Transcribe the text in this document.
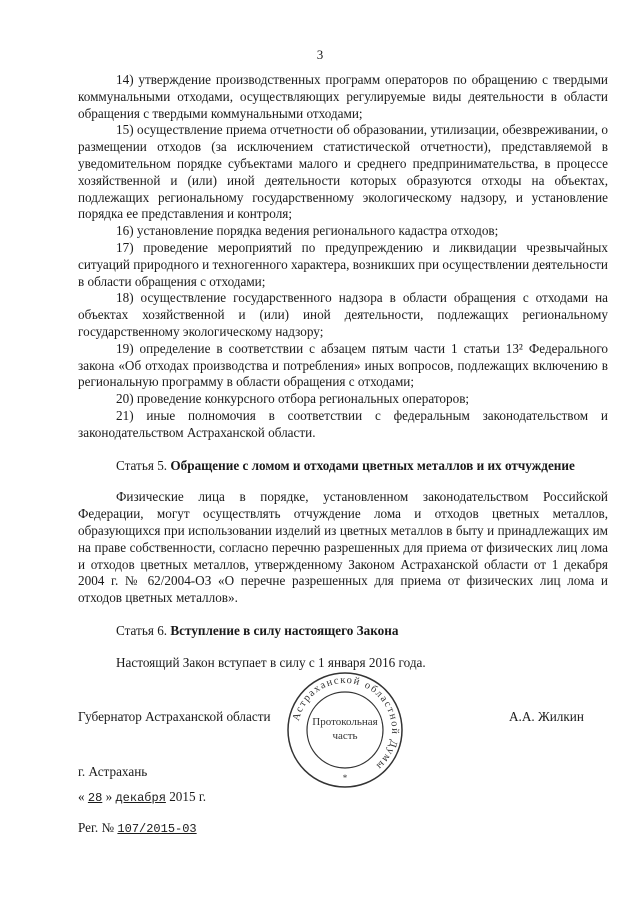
3

14) утверждение производственных программ операторов по обращению с твердыми коммунальными отходами, осуществляющих регулируемые виды деятельности в области обращения с твердыми коммунальными отходами;

15) осуществление приема отчетности об образовании, утилизации, обезвреживании, о размещении отходов (за исключением статистической отчетности), представляемой в уведомительном порядке субъектами малого и среднего предпринимательства, в процессе хозяйственной и (или) иной деятельности которых образуются отходы на объектах, подлежащих региональному государственному экологическому надзору, и установление порядка ее представления и контроля;

16) установление порядка ведения регионального кадастра отходов;

17) проведение мероприятий по предупреждению и ликвидации чрезвычайных ситуаций природного и техногенного характера, возникших при осуществлении деятельности в области обращения с отходами;

18) осуществление государственного надзора в области обращения с отходами на объектах хозяйственной и (или) иной деятельности, подлежащих региональному государственному экологическому надзору;

19) определение в соответствии с абзацем пятым части 1 статьи 13² Федерального закона «Об отходах производства и потребления» иных вопросов, подлежащих включению в региональную программу в области обращения с отходами;

20) проведение конкурсного отбора региональных операторов;

21) иные полномочия в соответствии с федеральным законодательством и законодательством Астраханской области.

Статья 5. Обращение с ломом и отходами цветных металлов и их отчуждение

Физические лица в порядке, установленном законодательством Российской Федерации, могут осуществлять отчуждение лома и отходов цветных металлов, образующихся при использовании изделий из цветных металлов в быту и принадлежащих им на праве собственности, согласно перечню разрешенных для приема от физических лиц лома и отходов цветных металлов, утвержденному Законом Астраханской области от 1 декабря 2004 г. № 62/2004-ОЗ «О перечне разрешенных для приема от физических лиц лома и отходов цветных металлов».

Статья 6. Вступление в силу настоящего Закона

Настоящий Закон вступает в силу с 1 января 2016 года.

Губернатор Астраханской области	А.А. Жилкин
г. Астрахань
« 28 » декабря 2015 г.
Рег. № 107/2015-03
Астраханской областной Думы
Протокольная
часть
*
